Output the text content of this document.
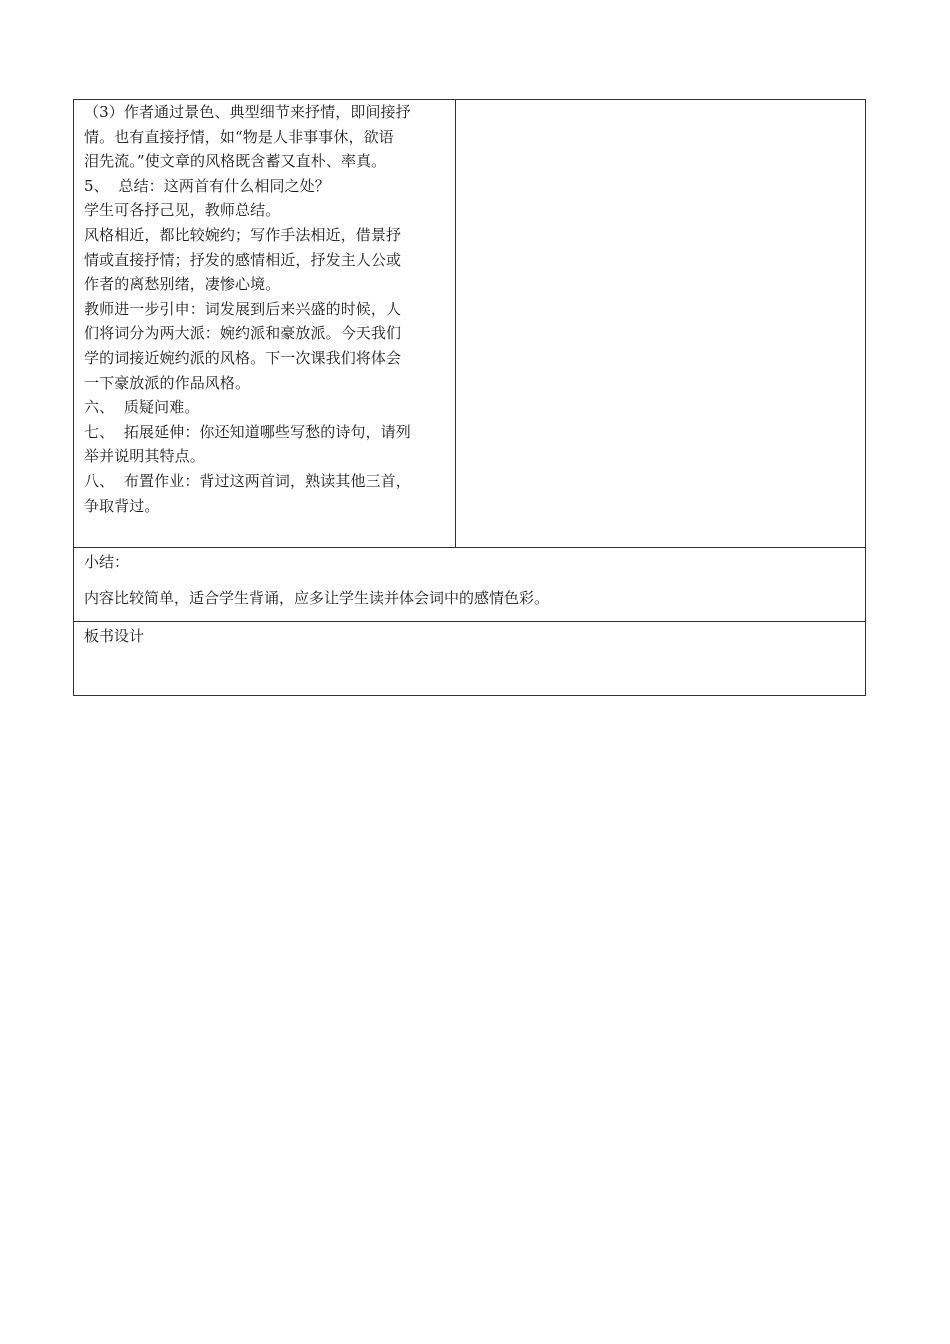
（3）作者通过景色、典型细节来抒情，即间接抒
情。也有直接抒情，如“物是人非事事休，欲语
泪先流。”使文章的风格既含蓄又直朴、率真。
5、  总结：这两首有什么相同之处？
学生可各抒己见，教师总结。
风格相近，都比较婉约；写作手法相近，借景抒
情或直接抒情；抒发的感情相近，抒发主人公或
作者的离愁别绪，凄惨心境。
教师进一步引申：词发展到后来兴盛的时候，人
们将词分为两大派：婉约派和豪放派。今天我们
学的词接近婉约派的风格。下一次课我们将体会
一下豪放派的作品风格。
六、  质疑问难。
七、  拓展延伸：你还知道哪些写愁的诗句，请列
举并说明其特点。
八、  布置作业：背过这两首词，熟读其他三首，
争取背过。

小结：
内容比较简单，适合学生背诵，应多让学生读并体会词中的感情色彩。

板书设计
